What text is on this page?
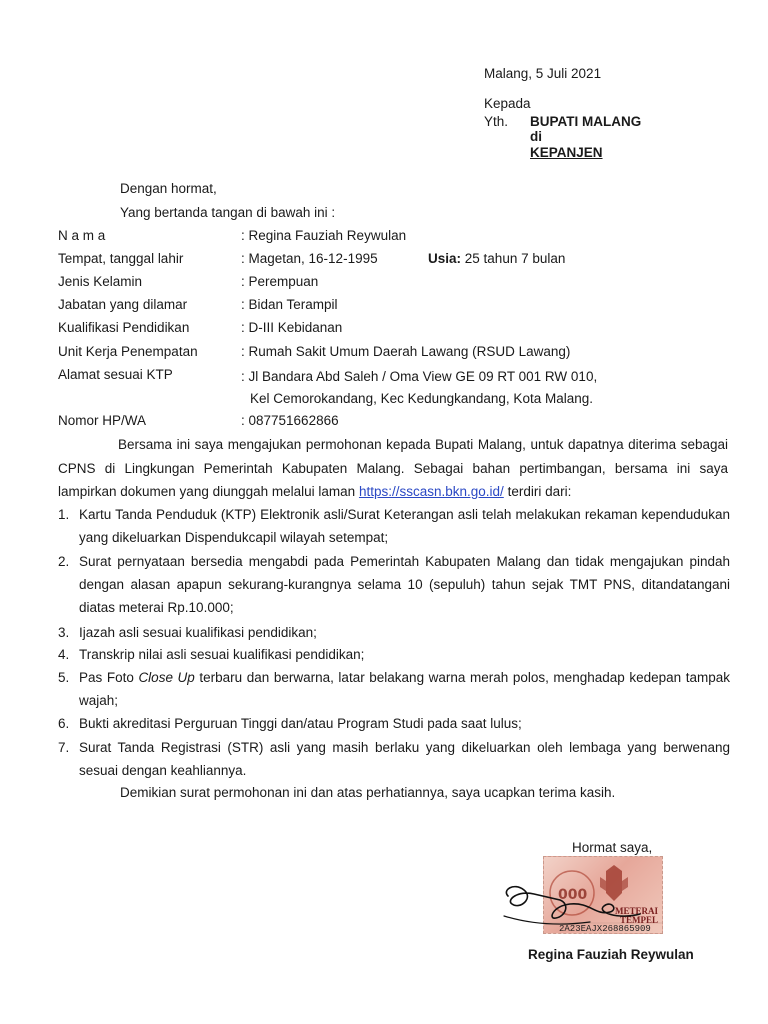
Malang, 5 Juli 2021
Kepada
Yth. BUPATI MALANG
di
KEPANJEN
Dengan hormat,
Yang bertanda tangan di bawah ini :
N a m a	: Regina Fauziah Reywulan
Tempat, tanggal lahir	: Magetan, 16-12-1995	Usia: 25 tahun 7 bulan
Jenis Kelamin	: Perempuan
Jabatan yang dilamar	: Bidan Terampil
Kualifikasi Pendidikan	: D-III Kebidanan
Unit Kerja Penempatan	: Rumah Sakit Umum Daerah Lawang (RSUD Lawang)
Alamat sesuai KTP	: Jl Bandara Abd Saleh / Oma View GE 09 RT 001 RW 010,
Kel Cemorokandang, Kec Kedungkandang, Kota Malang.
Nomor HP/WA	: 087751662866
Bersama ini saya mengajukan permohonan kepada Bupati Malang, untuk dapatnya diterima sebagai CPNS di Lingkungan Pemerintah Kabupaten Malang. Sebagai bahan pertimbangan, bersama ini saya lampirkan dokumen yang diunggah melalui laman https://sscasn.bkn.go.id/ terdiri dari:
1. Kartu Tanda Penduduk (KTP) Elektronik asli/Surat Keterangan asli telah melakukan rekaman kependudukan yang dikeluarkan Dispendukcapil wilayah setempat;
2. Surat pernyataan bersedia mengabdi pada Pemerintah Kabupaten Malang dan tidak mengajukan pindah dengan alasan apapun sekurang-kurangnya selama 10 (sepuluh) tahun sejak TMT PNS, ditandatangani diatas meterai Rp.10.000;
3. Ijazah asli sesuai kualifikasi pendidikan;
4. Transkrip nilai asli sesuai kualifikasi pendidikan;
5. Pas Foto Close Up terbaru dan berwarna, latar belakang warna merah polos, menghadap kedepan tampak wajah;
6. Bukti akreditasi Perguruan Tinggi dan/atau Program Studi pada saat lulus;
7. Surat Tanda Registrasi (STR) asli yang masih berlaku yang dikeluarkan oleh lembaga yang berwenang sesuai dengan keahliannya.
Demikian surat permohonan ini dan atas perhatiannya, saya ucapkan terima kasih.
Hormat saya,
000
METERAI
TEMPEL
2A23EAJX268865909
Regina Fauziah Reywulan
